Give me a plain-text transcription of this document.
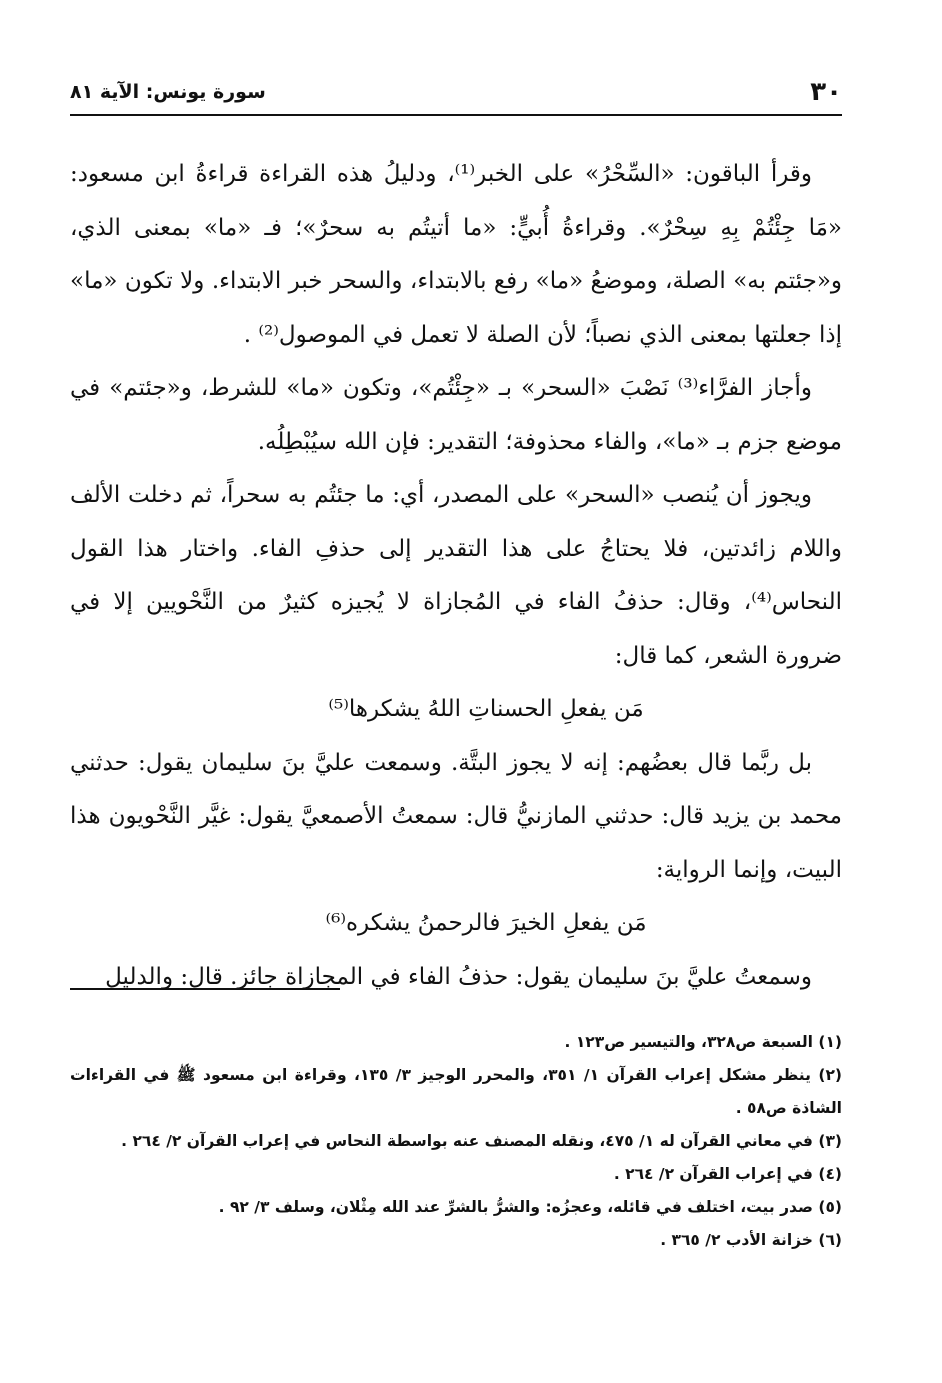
٣٠
سورة يونس: الآية ٨١

وقرأ الباقون: «السِّحْرُ» على الخبر⁽¹⁾، ودليلُ هذه القراءة قراءةُ ابن مسعود: «مَا جِئْتُمْ بِهِ سِحْرٌ». وقراءةُ أُبيٍّ: «ما أتيتُم به سحرٌ»؛ فـ «ما» بمعنى الذي، و«جئتم به» الصلة، وموضعُ «ما» رفع بالابتداء، والسحر خبر الابتداء. ولا تكون «ما» إذا جعلتها بمعنى الذي نصباً؛ لأن الصلة لا تعمل في الموصول⁽²⁾ .

وأجاز الفرَّاء⁽³⁾ نَصْبَ «السحر» بـ «جِئْتُم»، وتكون «ما» للشرط، و«جئتم» في موضع جزم بـ «ما»، والفاء محذوفة؛ التقدير: فإن الله سيُبْطِلُه.

ويجوز أن يُنصب «السحر» على المصدر، أي: ما جئتُم به سحراً، ثم دخلت الألف واللام زائدتين، فلا يحتاجُ على هذا التقدير إلى حذفِ الفاء. واختار هذا القول النحاس⁽⁴⁾، وقال: حذفُ الفاء في المُجازاة لا يُجيزه كثيرٌ من النَّحْويين إلا في ضرورة الشعر، كما قال:

مَن يفعلِ الحسناتِ اللهُ يشكرها⁽⁵⁾

بل ربَّما قال بعضُهم: إنه لا يجوز البتَّة. وسمعت عليَّ بنَ سليمان يقول: حدثني محمد بن يزيد قال: حدثني المازنيُّ قال: سمعتُ الأصمعيَّ يقول: غيَّر النَّحْويون هذا البيت، وإنما الرواية:

مَن يفعلِ الخيرَ فالرحمنُ يشكره⁽⁶⁾

وسمعتُ عليَّ بنَ سليمان يقول: حذفُ الفاء في المجازاة جائز. قال: والدليل

(١) السبعة ص٣٢٨، والتيسير ص١٢٣ .

(٢) ينظر مشكل إعراب القرآن ١/ ٣٥١، والمحرر الوجيز ٣/ ١٣٥، وقراءة ابن مسعود ﷺ في القراءات الشاذة ص٥٨ .

(٣) في معاني القرآن له ١/ ٤٧٥، ونقله المصنف عنه بواسطة النحاس في إعراب القرآن ٢/ ٢٦٤ .

(٤) في إعراب القرآن ٢/ ٢٦٤ .

(٥) صدر بيت، اختلف في قائله، وعجزُه: والشرُّ بالشرِّ عند الله مِثْلان، وسلف ٣/ ٩٢ .

(٦) خزانة الأدب ٢/ ٣٦٥ .
